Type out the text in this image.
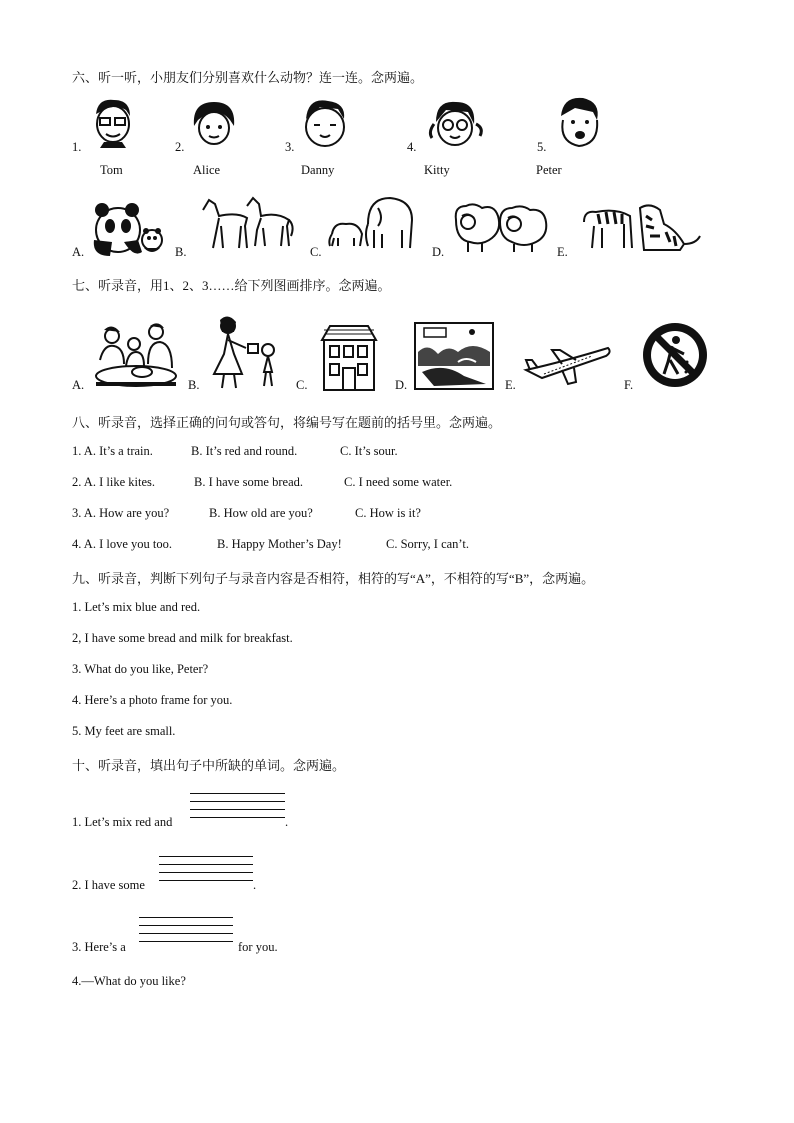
六、听一听，小朋友们分别喜欢什么动物？连一连。念两遍。
1.	2.	3.	4.	5.
Tom	Alice	Danny	Kitty	Peter
A.	B.	C.	D.	E.
七、听录音，用1、2、3……给下列图画排序。念两遍。
A.	B.	C.	D.	E.	F.
八、听录音，选择正确的问句或答句，将编号写在题前的括号里。念两遍。
1. A. It’s a train.	B. It’s red and round.	C. It’s sour.
2. A. I like kites.	B. I have some bread.	C. I need some water.
3. A. How are you?	B. How old are you?	C. How is it?
4. A. I love you too.	B. Happy Mother’s Day!	C. Sorry, I can’t.
九、听录音，判断下列句子与录音内容是否相符，相符的写“A”，不相符的写“B”，念两遍。
1. Let’s mix blue and red.
2, I have some bread and milk for breakfast.
3. What do you like, Peter?
4. Here’s a photo frame for you.
5. My feet are small.
十、听录音，填出句子中所缺的单词。念两遍。
1. Let’s mix red and	.
2. I have some	.
3. Here’s a	for you.
4.—What do you like?
